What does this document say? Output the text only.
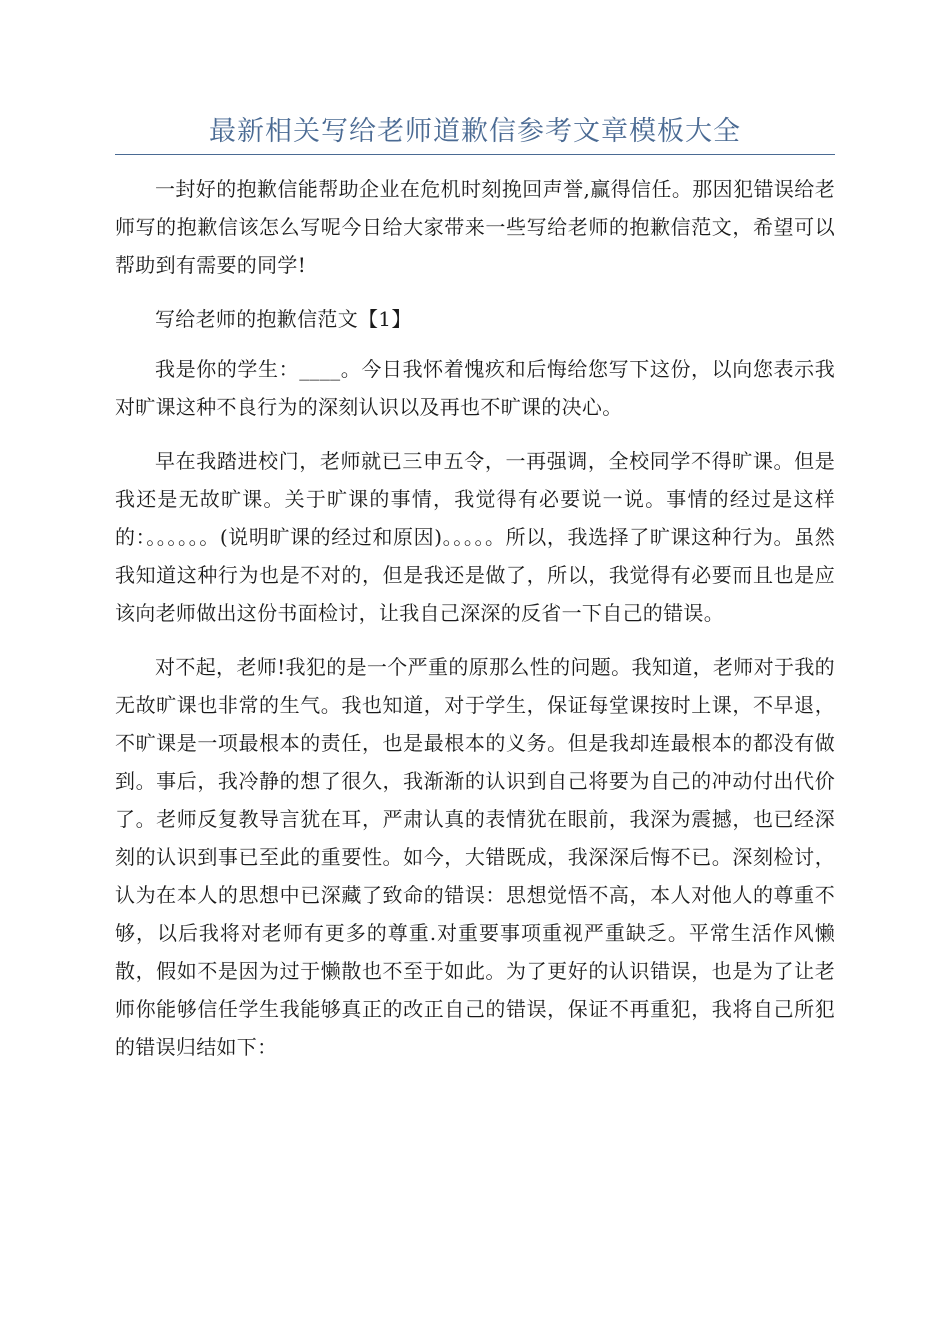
最新相关写给老师道歉信参考文章模板大全

一封好的抱歉信能帮助企业在危机时刻挽回声誉,赢得信任。那因犯错误给老师写的抱歉信该怎么写呢今日给大家带来一些写给老师的抱歉信范文，希望可以帮助到有需要的同学!

写给老师的抱歉信范文【1】

我是你的学生：____。今日我怀着愧疚和后悔给您写下这份，以向您表示我对旷课这种不良行为的深刻认识以及再也不旷课的决心。

早在我踏进校门，老师就已三申五令，一再强调，全校同学不得旷课。但是我还是无故旷课。关于旷课的事情，我觉得有必要说一说。事情的经过是这样的：。。。。。。(说明旷课的经过和原因)。。。。。所以，我选择了旷课这种行为。虽然我知道这种行为也是不对的，但是我还是做了，所以，我觉得有必要而且也是应该向老师做出这份书面检讨，让我自己深深的反省一下自己的错误。

对不起，老师!我犯的是一个严重的原那么性的问题。我知道，老师对于我的无故旷课也非常的生气。我也知道，对于学生，保证每堂课按时上课，不早退，不旷课是一项最根本的责任，也是最根本的义务。但是我却连最根本的都没有做到。事后，我冷静的想了很久，我渐渐的认识到自己将要为自己的冲动付出代价了。老师反复教导言犹在耳，严肃认真的表情犹在眼前，我深为震撼，也已经深刻的认识到事已至此的重要性。如今，大错既成，我深深后悔不已。深刻检讨，认为在本人的思想中已深藏了致命的错误：思想觉悟不高，本人对他人的尊重不够，以后我将对老师有更多的尊重.对重要事项重视严重缺乏。平常生活作风懒散，假如不是因为过于懒散也不至于如此。为了更好的认识错误，也是为了让老师你能够信任学生我能够真正的改正自己的错误，保证不再重犯，我将自己所犯的错误归结如下：
